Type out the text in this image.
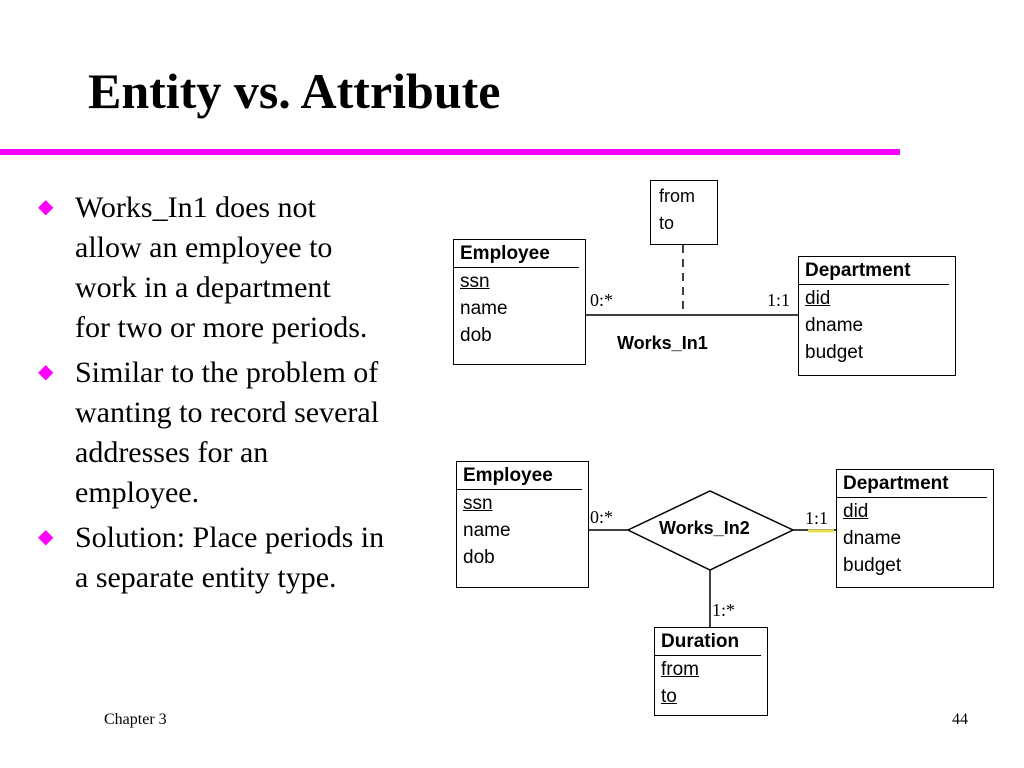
Entity vs. Attribute
◆ Works_In1 does not
allow an employee to
work in a department
for two or more periods.
◆ Similar to the problem of
wanting to record several
addresses for an
employee.
◆ Solution: Place periods in
a separate entity type.
from
to
Employee
ssn
name
dob
Department
did
dname
budget
0:*	1:1
Works_In1
Employee
ssn
name
dob
Department
did
dname
budget
Works_In2
0:*	1:1
1:*
Duration
from
to
Chapter 3	44
